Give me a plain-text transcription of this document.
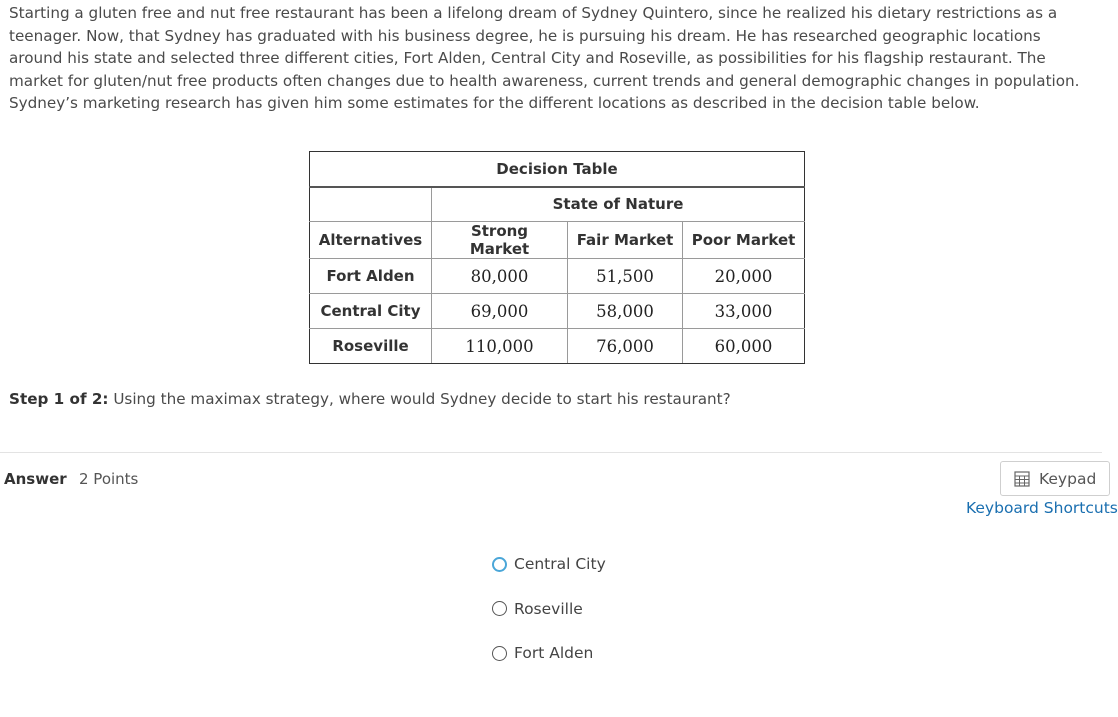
Starting a gluten free and nut free restaurant has been a lifelong dream of Sydney Quintero, since he realized his dietary restrictions as a teenager. Now, that Sydney has graduated with his business degree, he is pursuing his dream. He has researched geographic locations around his state and selected three different cities, Fort Alden, Central City and Roseville, as possibilities for his flagship restaurant. The market for gluten/nut free products often changes due to health awareness, current trends and general demographic changes in population. Sydney’s marketing research has given him some estimates for the different locations as described in the decision table below.
Decision Table			
	State of Nature		
Alternatives	Strong Market	Fair Market	Poor Market
Fort Alden	80,000	51,500	20,000
Central City	69,000	58,000	33,000
Roseville	110,000	76,000	60,000
Step 1 of 2: Using the maximax strategy, where would Sydney decide to start his restaurant?
Answer 2 Points	Keypad
Keyboard Shortcuts
Central City
Roseville
Fort Alden
